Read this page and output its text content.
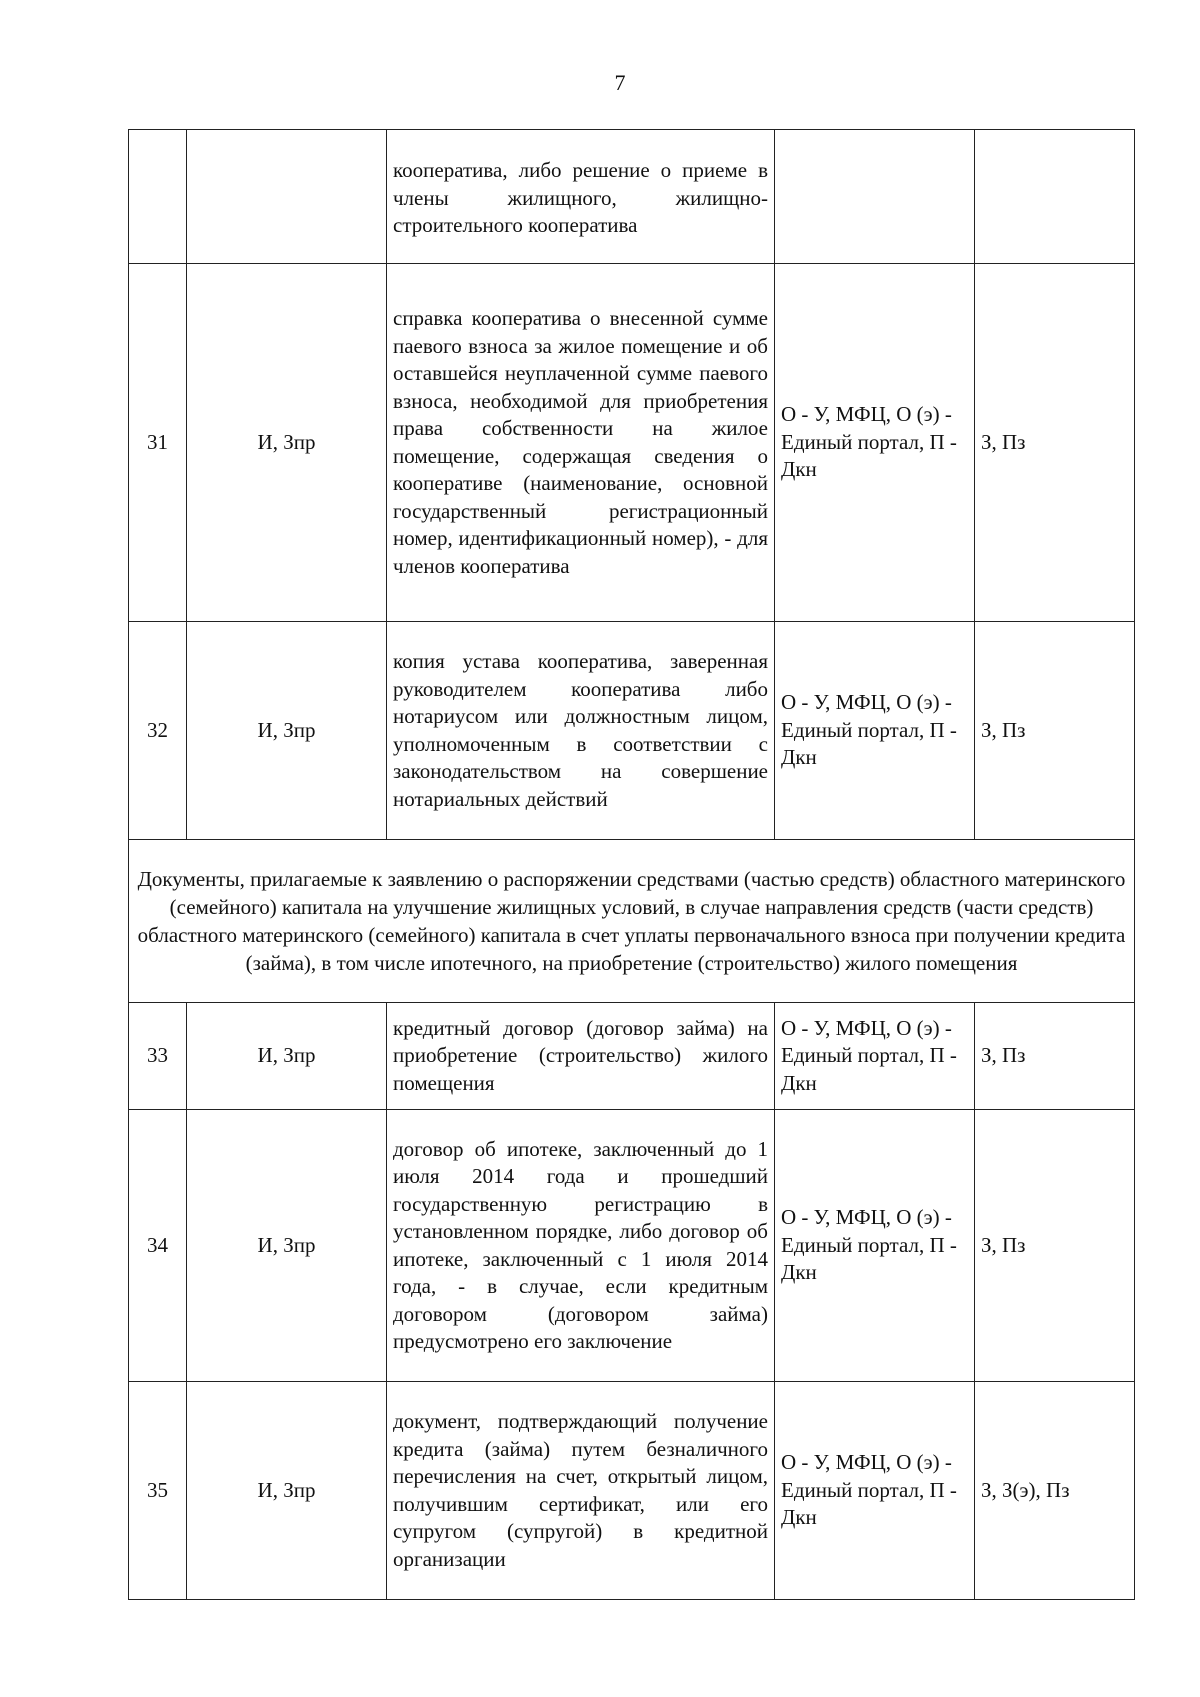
7
		кооператива, либо решение о приеме в члены жилищного, жилищно-строительного кооператива		
31	И, Зпр	справка кооператива о внесенной сумме паевого взноса за жилое помещение и об оставшейся неуплаченной сумме паевого взноса, необходимой для приобретения права собственности на жилое помещение, содержащая сведения о кооперативе (наименование, основной государственный регистрационный номер, идентификационный номер), - для членов кооператива	О - У, МФЦ, О (э) - Единый портал, П - Дкн	З, Пз
32	И, Зпр	копия устава кооператива, заверенная руководителем кооператива либо нотариусом или должностным лицом, уполномоченным в соответствии с законодательством на совершение нотариальных действий	О - У, МФЦ, О (э) - Единый портал, П - Дкн	З, Пз
Документы, прилагаемые к заявлению о распоряжении средствами (частью средств) областного материнского (семейного) капитала на улучшение жилищных условий, в случае направления средств (части средств) областного материнского (семейного) капитала в счет уплаты первоначального взноса при получении кредита (займа), в том числе ипотечного, на приобретение (строительство) жилого помещения				
33	И, Зпр	кредитный договор (договор займа) на приобретение (строительство) жилого помещения	О - У, МФЦ, О (э) - Единый портал, П - Дкн	З, Пз
34	И, Зпр	договор об ипотеке, заключенный до 1 июля 2014 года и прошедший государственную регистрацию в установленном порядке, либо договор об ипотеке, заключенный с 1 июля 2014 года, - в случае, если кредитным договором (договором займа) предусмотрено его заключение	О - У, МФЦ, О (э) - Единый портал, П - Дкн	З, Пз
35	И, Зпр	документ, подтверждающий получение кредита (займа) путем безналичного перечисления на счет, открытый лицом, получившим сертификат, или его супругом (супругой) в кредитной организации	О - У, МФЦ, О (э) - Единый портал, П - Дкн	З, З(э), Пз
